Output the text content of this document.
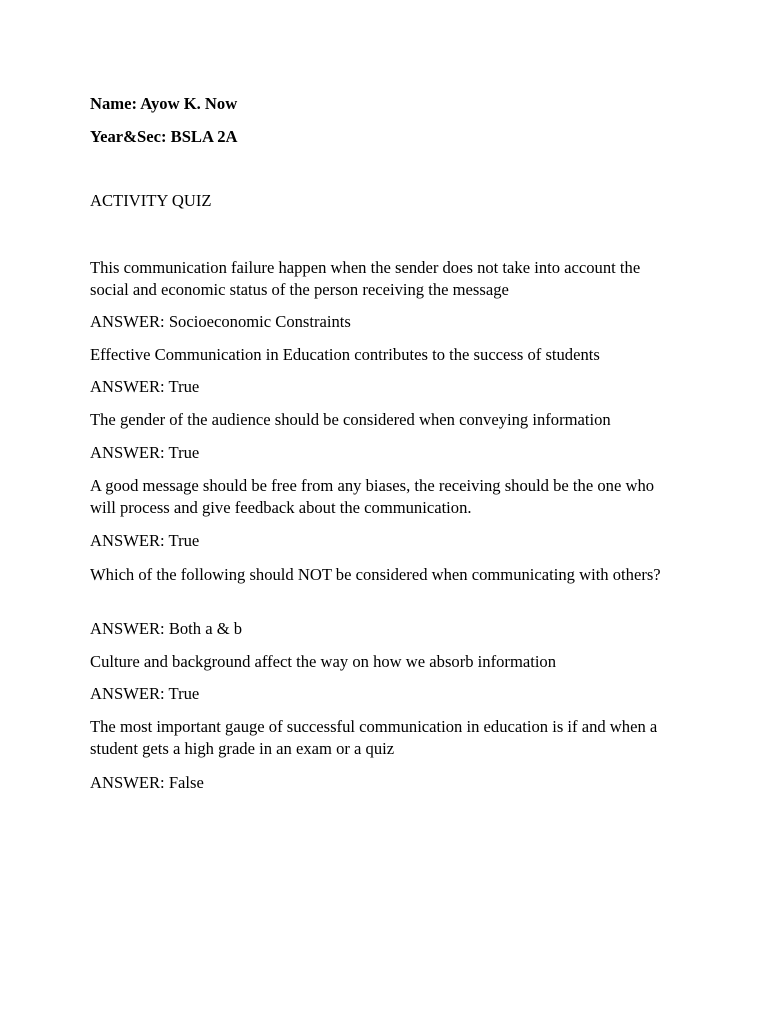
Name: Ayow K. Now
Year&Sec: BSLA 2A
ACTIVITY QUIZ
This communication failure happen when the sender does not take into account the social and economic status of the person receiving the message
ANSWER: Socioeconomic Constraints
Effective Communication in Education contributes to the success of students
ANSWER: True
The gender of the audience should be considered when conveying information
ANSWER: True
A good message should be free from any biases, the receiving should be the one who will process and give feedback about the communication.
ANSWER: True
Which of the following should NOT be considered when communicating with others?
ANSWER: Both a & b
Culture and background affect the way on how we absorb information
ANSWER: True
The most important gauge of successful communication in education is if and when a student gets a high grade in an exam or a quiz
ANSWER: False
